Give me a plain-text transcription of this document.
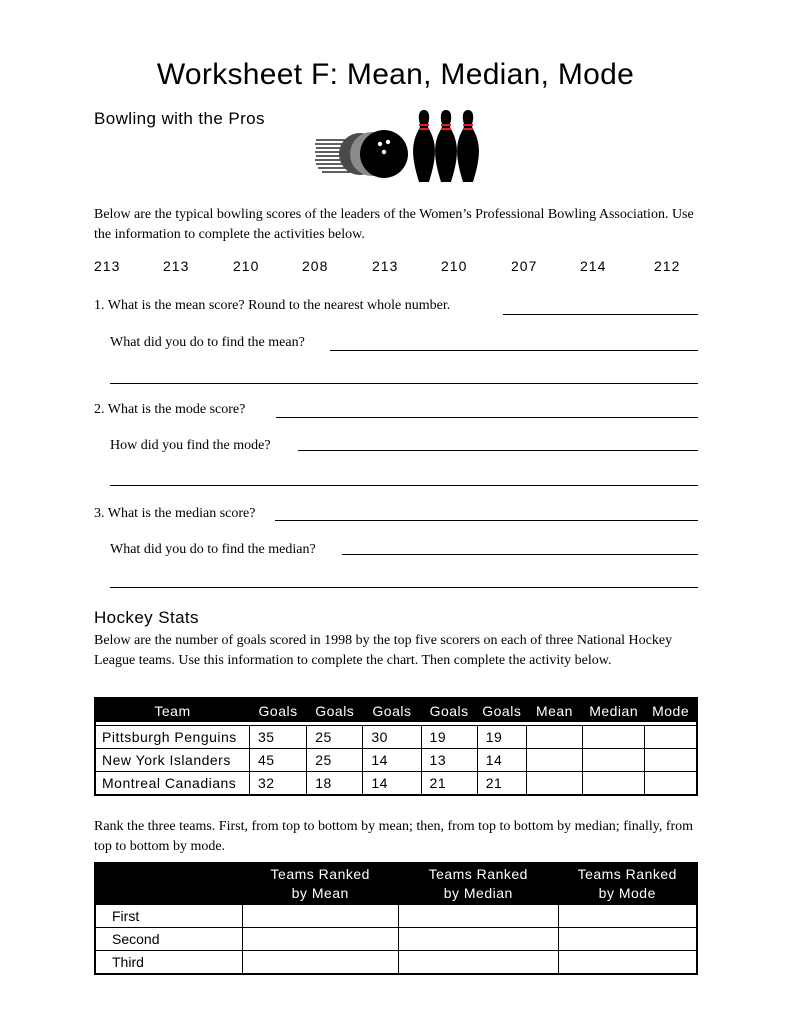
Worksheet F: Mean, Median, Mode
Bowling with the Pros
Below are the typical bowling scores of the leaders of the Women’s Professional Bowling Association. Use the information to complete the activities below.
213	213	210	208	213	210	207	214	212
1. What is the mean score? Round to the nearest whole number.
What did you do to find the mean?
2. What is the mode score?
How did you find the mode?
3. What is the median score?
What did you do to find the median?
Hockey Stats
Below are the number of goals scored in 1998 by the top five scorers on each of three National Hockey League teams. Use this information to complete the chart. Then complete the activity below.
Team	Goals	Goals	Goals	Goals	Goals	Mean	Median	Mode

Pittsburgh Penguins	35	25	30	19	19			
New York Islanders	45	25	14	13	14			
Montreal Canadians	32	18	14	21	21			
Rank the three teams. First, from top to bottom by mean; then, from top to bottom by median; finally, from top to bottom by mode.
	Teams Ranked
by Mean	Teams Ranked
by Median	Teams Ranked
by Mode
First			
Second			
Third			
